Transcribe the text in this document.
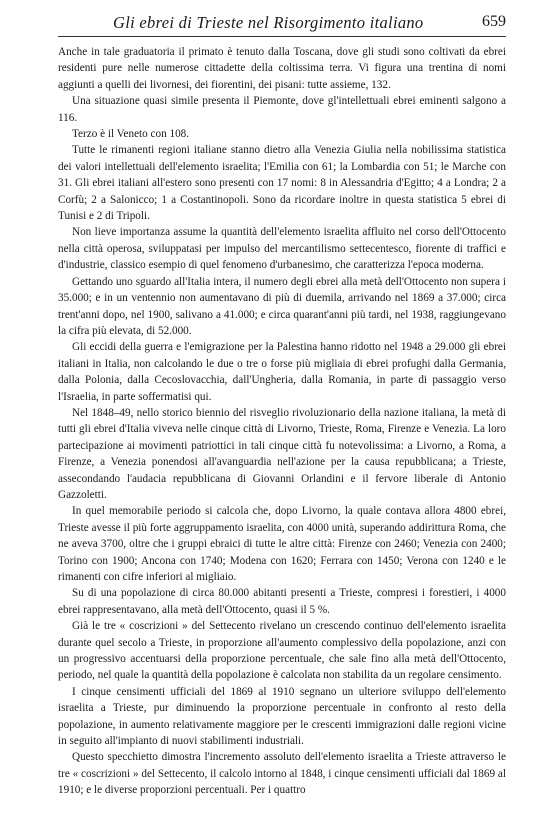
Gli ebrei di Trieste nel Risorgimento italiano	659

Anche in tale graduatoria il primato è tenuto dalla Toscana, dove gli studi sono coltivati da ebrei residenti pure nelle numerose cittadette della coltissima terra. Vi figura una trentina di nomi aggiunti a quelli dei livornesi, dei fiorentini, dei pisani: tutte assieme, 132.

Una situazione quasi simile presenta il Piemonte, dove gl'intellettuali ebrei eminenti salgono a 116.

Terzo è il Veneto con 108.

Tutte le rimanenti regioni italiane stanno dietro alla Venezia Giulia nella nobilissima statistica dei valori intellettuali dell'elemento israelita; l'Emilia con 61; la Lombardia con 51; le Marche con 31. Gli ebrei italiani all'estero sono presenti con 17 nomi: 8 in Alessandria d'Egitto; 4 a Londra; 2 a Corfù; 2 a Salonicco; 1 a Costantinopoli. Sono da ricordare inoltre in questa statistica 5 ebrei di Tunisi e 2 di Tripoli.

Non lieve importanza assume la quantità dell'elemento israelita affluito nel corso dell'Ottocento nella città operosa, sviluppatasi per impulso del mercantilismo settecentesco, fiorente di traffici e d'industrie, classico esempio di quel fenomeno d'urbanesimo, che caratterizza l'epoca moderna.

Gettando uno sguardo all'Italia intera, il numero degli ebrei alla metà dell'Ottocento non supera i 35.000; e in un ventennio non aumentavano di più di duemila, arrivando nel 1869 a 37.000; circa trent'anni dopo, nel 1900, salivano a 41.000; e circa quarant'anni più tardi, nel 1938, raggiungevano la cifra più elevata, di 52.000.

Gli eccidi della guerra e l'emigrazione per la Palestina hanno ridotto nel 1948 a 29.000 gli ebrei italiani in Italia, non calcolando le due o tre o forse più migliaia di ebrei profughi dalla Germania, dalla Polonia, dalla Cecoslovacchia, dall'Ungheria, dalla Romania, in parte di passaggio verso l'Israelia, in parte soffermatisi qui.

Nel 1848–49, nello storico biennio del risveglio rivoluzionario della nazione italiana, la metà di tutti gli ebrei d'Italia viveva nelle cinque città di Livorno, Trieste, Roma, Firenze e Venezia. La loro partecipazione ai movimenti patriottici in tali cinque città fu notevolissima: a Livorno, a Roma, a Firenze, a Venezia ponendosi all'avanguardia nell'azione per la causa repubblicana; a Trieste, assecondando l'audacia repubblicana di Giovanni Orlandini e il fervore liberale di Antonio Gazzoletti.

In quel memorabile periodo si calcola che, dopo Livorno, la quale contava allora 4800 ebrei, Trieste avesse il più forte aggruppamento israelita, con 4000 unità, superando addirittura Roma, che ne aveva 3700, oltre che i gruppi ebraici di tutte le altre città: Firenze con 2460; Venezia con 2400; Torino con 1900; Ancona con 1740; Modena con 1620; Ferrara con 1450; Verona con 1240 e le rimanenti con cifre inferiori al migliaio.

Su di una popolazione di circa 80.000 abitanti presenti a Trieste, compresi i forestieri, i 4000 ebrei rappresentavano, alla metà dell'Ottocento, quasi il 5 %.

Già le tre « coscrizioni » del Settecento rivelano un crescendo continuo dell'elemento israelita durante quel secolo a Trieste, in proporzione all'aumento complessivo della popolazione, anzi con un progressivo accentuarsi della proporzione percentuale, che sale fino alla metà dell'Ottocento, periodo, nel quale la quantità della popolazione è calcolata non stabilita da un regolare censimento.

I cinque censimenti ufficiali del 1869 al 1910 segnano un ulteriore sviluppo dell'elemento israelita a Trieste, pur diminuendo la proporzione percentuale in confronto al resto della popolazione, in aumento relativamente maggiore per le crescenti immigrazioni dalle regioni vicine in seguito all'impianto di nuovi stabilimenti industriali.

Questo specchietto dimostra l'incremento assoluto dell'elemento israelita a Trieste attraverso le tre « coscrizioni » del Settecento, il calcolo intorno al 1848, i cinque censimenti ufficiali dal 1869 al 1910; e le diverse proporzioni percentuali. Per i quattro
